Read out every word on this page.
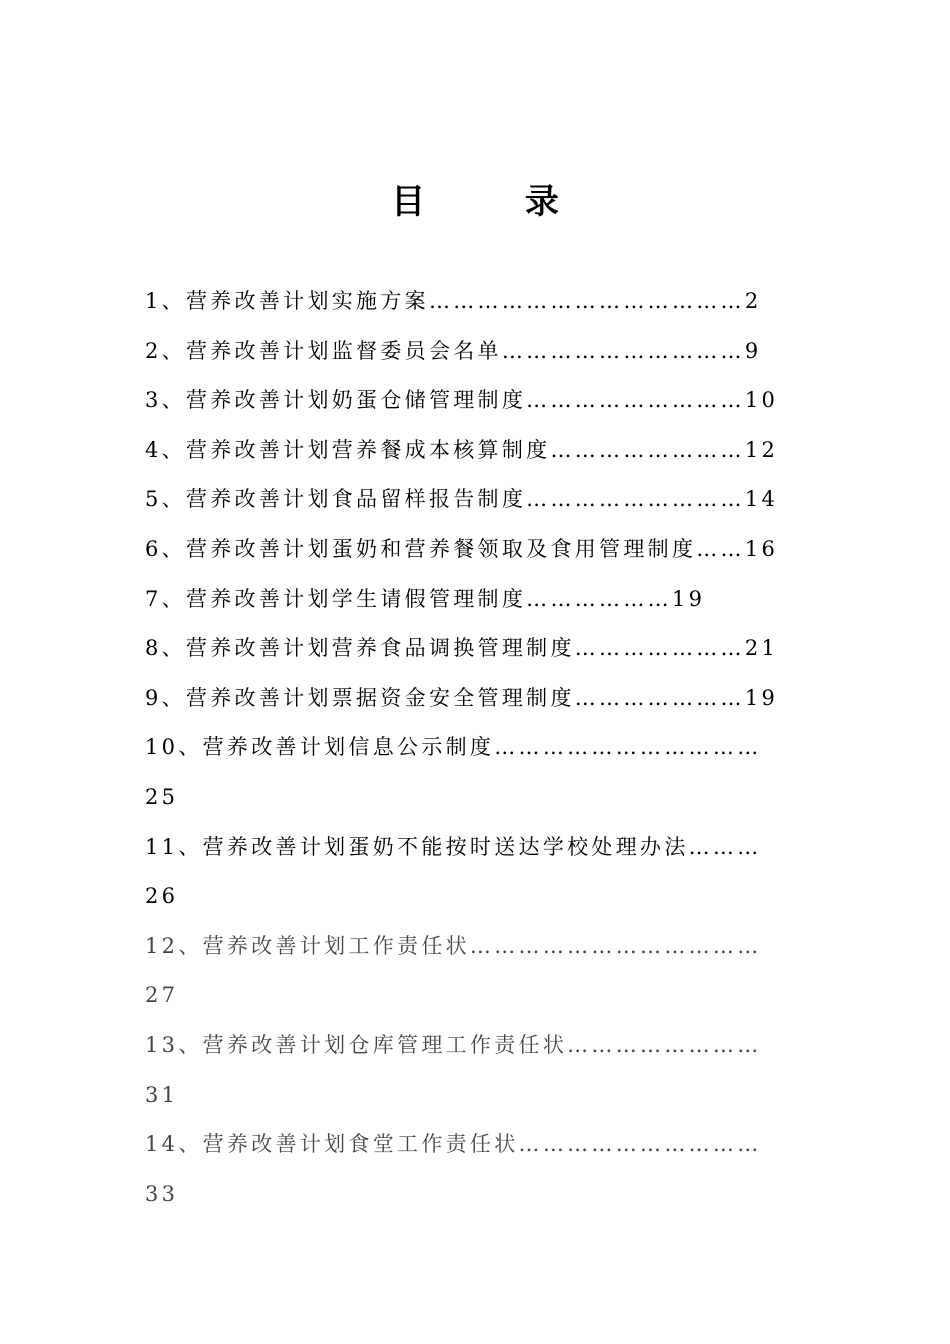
目 录
1、营养改善计划实施方案…………………………………2
2、营养改善计划监督委员会名单…………………………9
3、营养改善计划奶蛋仓储管理制度………………………10
4、营养改善计划营养餐成本核算制度……………………12
5、营养改善计划食品留样报告制度………………………14
6、营养改善计划蛋奶和营养餐领取及食用管理制度……16
7、营养改善计划学生请假管理制度………………19
8、营养改善计划营养食品调换管理制度…………………21
9、营养改善计划票据资金安全管理制度…………………19
10、营养改善计划信息公示制度……………………………
25
11、营养改善计划蛋奶不能按时送达学校处理办法………
26
12、营养改善计划工作责任状………………………………
27
13、营养改善计划仓库管理工作责任状……………………
31
14、营养改善计划食堂工作责任状…………………………
33
